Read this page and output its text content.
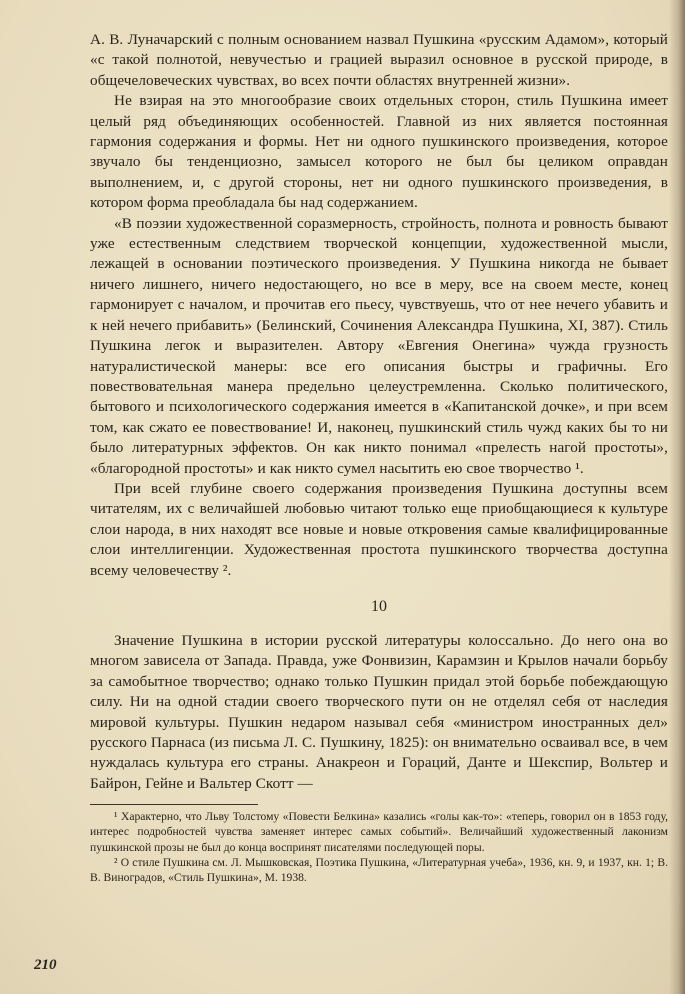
А. В. Луначарский с полным основанием назвал Пушкина «русским Адамом», который «с такой полнотой, невучестью и грацией выразил основное в русской природе, в общечеловеческих чувствах, во всех почти областях внутренней жизни».

Не взирая на это многообразие своих отдельных сторон, стиль Пушкина имеет целый ряд объединяющих особенностей. Главной из них является постоянная гармония содержания и формы. Нет ни одного пушкинского произведения, которое звучало бы тенденциозно, замысел которого не был бы целиком оправдан выполнением, и, с другой стороны, нет ни одного пушкинского произведения, в котором форма преобладала бы над содержанием.

«В поэзии художественной соразмерность, стройность, полнота и ровность бывают уже естественным следствием творческой концепции, художественной мысли, лежащей в основании поэтического произведения. У Пушкина никогда не бывает ничего лишнего, ничего недостающего, но все в меру, все на своем месте, конец гармонирует с началом, и прочитав его пьесу, чувствуешь, что от нее нечего убавить и к ней нечего прибавить» (Белинский, Сочинения Александра Пушкина, XI, 387). Стиль Пушкина легок и выразителен. Автору «Евгения Онегина» чужда грузность натуралистической манеры: все его описания быстры и графичны. Его повествовательная манера предельно целеустремленна. Сколько политического, бытового и психологического содержания имеется в «Капитанской дочке», и при всем том, как сжато ее повествование! И, наконец, пушкинский стиль чужд каких бы то ни было литературных эффектов. Он как никто понимал «прелесть нагой простоты», «благородной простоты» и как никто сумел насытить ею свое творчество ¹.

При всей глубине своего содержания произведения Пушкина доступны всем читателям, их с величайшей любовью читают только еще приобщающиеся к культуре слои народа, в них находят все новые и новые откровения самые квалифицированные слои интеллигенции. Художественная простота пушкинского творчества доступна всему человечеству ².

10

Значение Пушкина в истории русской литературы колоссально. До него она во многом зависела от Запада. Правда, уже Фонвизин, Карамзин и Крылов начали борьбу за самобытное творчество; однако только Пушкин придал этой борьбе побеждающую силу. Ни на одной стадии своего творческого пути он не отделял себя от наследия мировой культуры. Пушкин недаром называл себя «министром иностранных дел» русского Парнаса (из письма Л. С. Пушкину, 1825): он внимательно осваивал все, в чем нуждалась культура его страны. Анакреон и Гораций, Данте и Шекспир, Вольтер и Байрон, Гейне и Вальтер Скотт —

¹ Характерно, что Льву Толстому «Повести Белкина» казались «голы как-то»: «теперь, говорил он в 1853 году, интерес подробностей чувства заменяет интерес самых событий». Величайший художественный лаконизм пушкинской прозы не был до конца воспринят писателями последующей поры.

² О стиле Пушкина см. Л. Мышковская, Поэтика Пушкина, «Литературная учеба», 1936, кн. 9, и 1937, кн. 1; В. В. Виноградов, «Стиль Пушкина», М. 1938.

210
